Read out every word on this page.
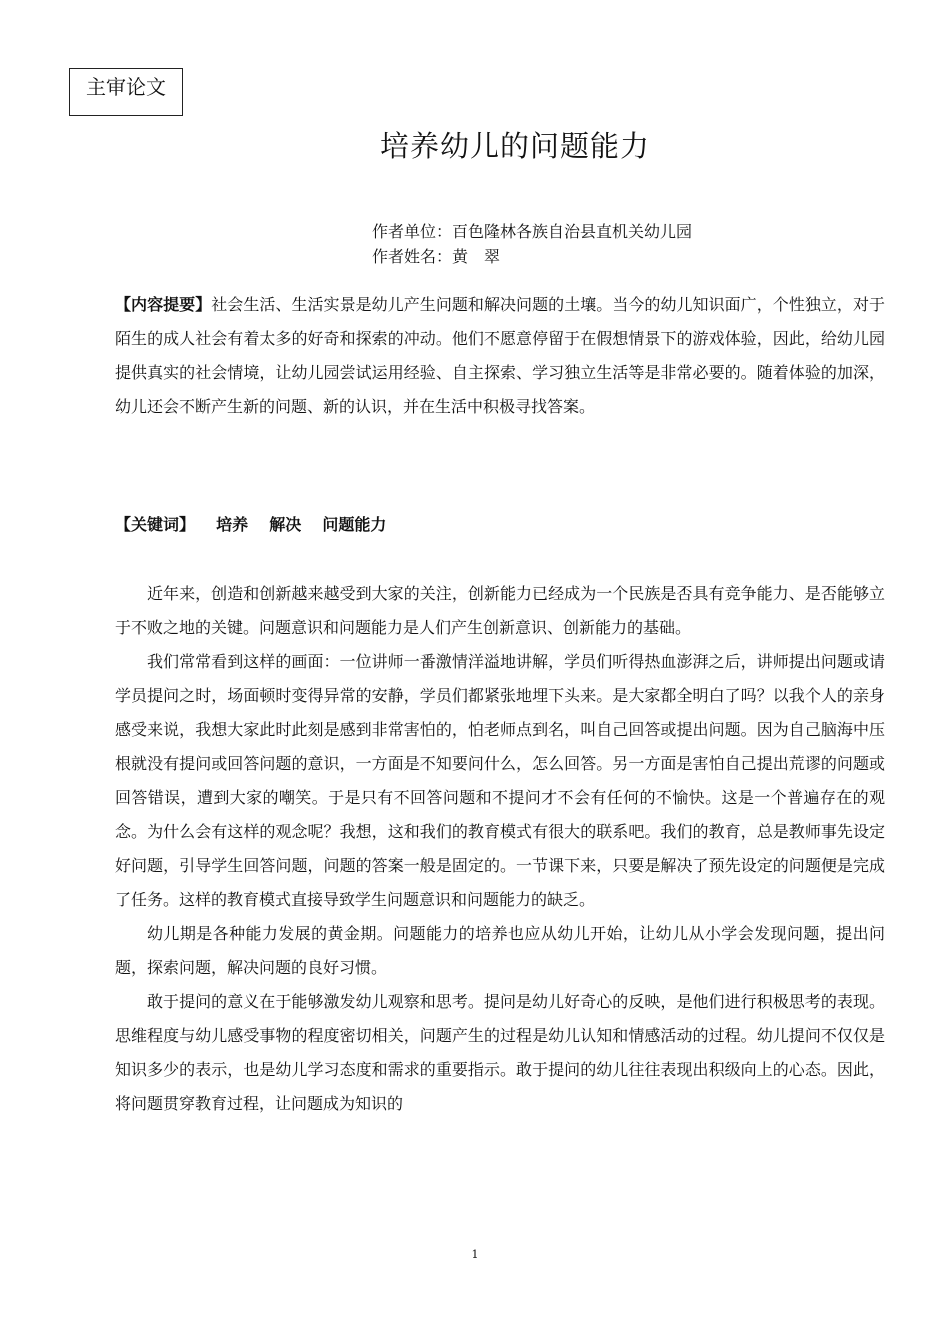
主审论文
培养幼儿的问题能力
作者单位：百色隆林各族自治县直机关幼儿园
作者姓名：黄　翠
【内容提要】社会生活、生活实景是幼儿产生问题和解决问题的土壤。当今的幼儿知识面广，个性独立，对于陌生的成人社会有着太多的好奇和探索的冲动。他们不愿意停留于在假想情景下的游戏体验，因此，给幼儿园提供真实的社会情境，让幼儿园尝试运用经验、自主探索、学习独立生活等是非常必要的。随着体验的加深，幼儿还会不断产生新的问题、新的认识，并在生活中积极寻找答案。
【关键词】 培养 解决 问题能力

近年来，创造和创新越来越受到大家的关注，创新能力已经成为一个民族是否具有竞争能力、是否能够立于不败之地的关键。问题意识和问题能力是人们产生创新意识、创新能力的基础。

我们常常看到这样的画面：一位讲师一番激情洋溢地讲解，学员们听得热血澎湃之后，讲师提出问题或请学员提问之时，场面顿时变得异常的安静，学员们都紧张地埋下头来。是大家都全明白了吗？以我个人的亲身感受来说，我想大家此时此刻是感到非常害怕的，怕老师点到名，叫自己回答或提出问题。因为自己脑海中压根就没有提问或回答问题的意识，一方面是不知要问什么，怎么回答。另一方面是害怕自己提出荒谬的问题或回答错误，遭到大家的嘲笑。于是只有不回答问题和不提问才不会有任何的不愉快。这是一个普遍存在的观念。为什么会有这样的观念呢？我想，这和我们的教育模式有很大的联系吧。我们的教育，总是教师事先设定好问题，引导学生回答问题，问题的答案一般是固定的。一节课下来，只要是解决了预先设定的问题便是完成了任务。这样的教育模式直接导致学生问题意识和问题能力的缺乏。

幼儿期是各种能力发展的黄金期。问题能力的培养也应从幼儿开始，让幼儿从小学会发现问题，提出问题，探索问题，解决问题的良好习惯。

敢于提问的意义在于能够激发幼儿观察和思考。提问是幼儿好奇心的反映，是他们进行积极思考的表现。思维程度与幼儿感受事物的程度密切相关，问题产生的过程是幼儿认知和情感活动的过程。幼儿提问不仅仅是知识多少的表示，也是幼儿学习态度和需求的重要指示。敢于提问的幼儿往往表现出积级向上的心态。因此，将问题贯穿教育过程，让问题成为知识的

1
